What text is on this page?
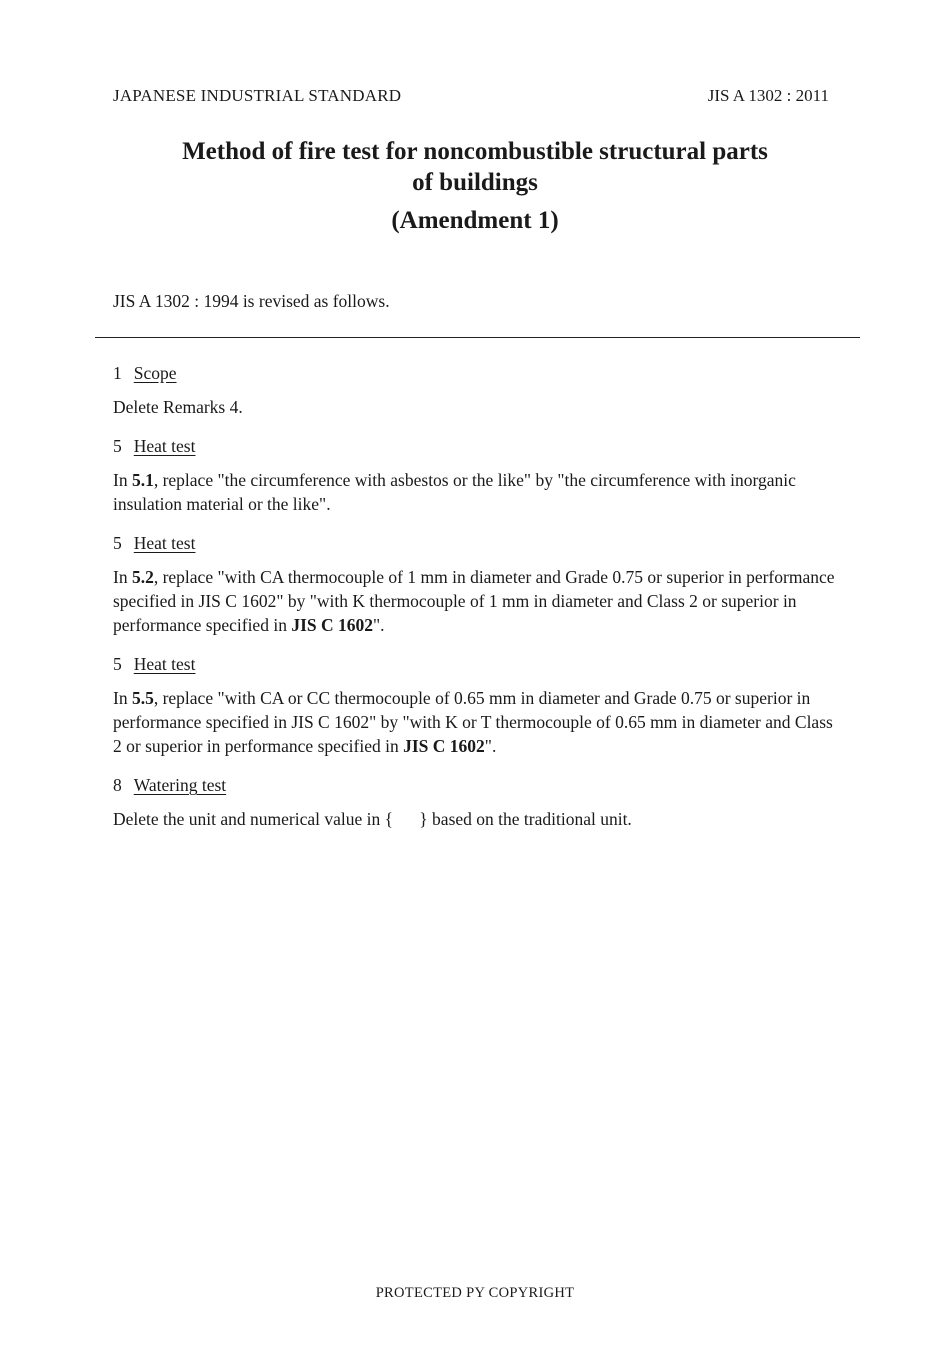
JAPANESE INDUSTRIAL STANDARD	JIS A 1302 : 2011
Method of fire test for noncombustible structural parts
of buildings
(Amendment 1)
JIS A 1302 : 1994 is revised as follows.
1 Scope
Delete Remarks 4.
5 Heat test
In 5.1, replace "the circumference with asbestos or the like" by "the circumference with inorganic insulation material or the like".
5 Heat test
In 5.2, replace "with CA thermocouple of 1 mm in diameter and Grade 0.75 or superior in performance specified in JIS C 1602" by "with K thermocouple of 1 mm in diameter and Class 2 or superior in performance specified in JIS C 1602".
5 Heat test
In 5.5, replace "with CA or CC thermocouple of 0.65 mm in diameter and Grade 0.75 or superior in performance specified in JIS C 1602" by "with K or T thermocouple of 0.65 mm in diameter and Class 2 or superior in performance specified in JIS C 1602".
8 Watering test
Delete the unit and numerical value in {  } based on the traditional unit.
PROTECTED PY COPYRIGHT
